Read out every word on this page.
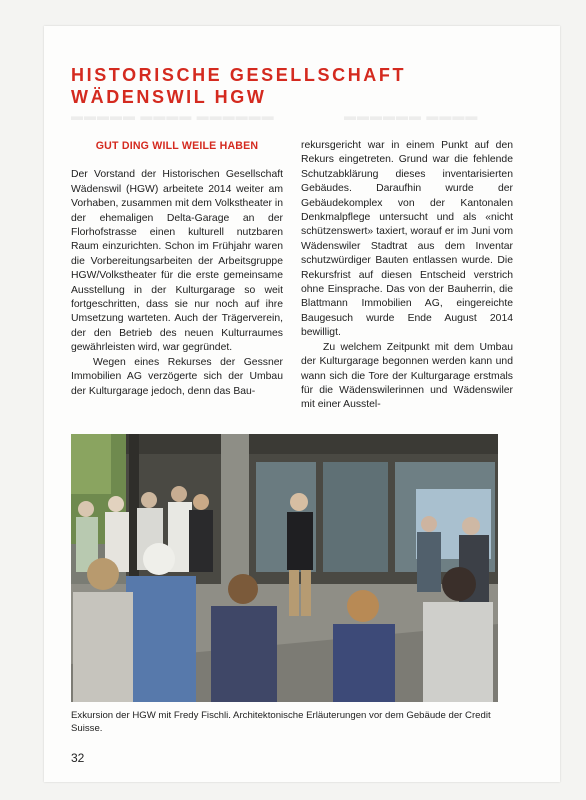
▬▬▬▬▬ ▬▬▬▬ ▬▬▬▬▬▬	▬▬▬▬▬▬ ▬▬▬▬
HISTORISCHE GESELLSCHAFT WÄDENSWIL HGW
GUT DING WILL WEILE HABEN

Der Vorstand der Historischen Gesellschaft Wädenswil (HGW) arbeitete 2014 weiter am Vorhaben, zusammen mit dem Volkstheater in der ehemaligen Delta-Garage an der Florhofstrasse einen kulturell nutzbaren Raum einzurichten. Schon im Frühjahr waren die Vorbereitungsarbeiten der Arbeitsgruppe HGW/Volkstheater für die erste gemeinsame Ausstellung in der Kulturgarage so weit fortgeschritten, dass sie nur noch auf ihre Umsetzung warteten. Auch der Trägerverein, der den Betrieb des neuen Kulturraumes gewährleisten wird, war gegründet.

Wegen eines Rekurses der Gessner Immobilien AG verzögerte sich der Umbau der Kulturgarage jedoch, denn das Bau-

rekursgericht war in einem Punkt auf den Rekurs eingetreten. Grund war die fehlende Schutzabklärung dieses inventarisierten Gebäudes. Daraufhin wurde der Gebäudekomplex von der Kantonalen Denkmalpflege untersucht und als «nicht schützenswert» taxiert, worauf er im Juni vom Wädenswiler Stadtrat aus dem Inventar schutzwürdiger Bauten entlassen wurde. Die Rekursfrist auf diesen Entscheid verstrich ohne Einsprache. Das von der Bauherrin, die Blattmann Immobilien AG, eingereichte Baugesuch wurde Ende August 2014 bewilligt.

Zu welchem Zeitpunkt mit dem Umbau der Kulturgarage begonnen werden kann und wann sich die Tore der Kulturgarage erstmals für die Wädenswilerinnen und Wädenswiler mit einer Ausstel-

Exkursion der HGW mit Fredy Fischli. Architektonische Erläuterungen vor dem Gebäude der Credit Suisse.
32
